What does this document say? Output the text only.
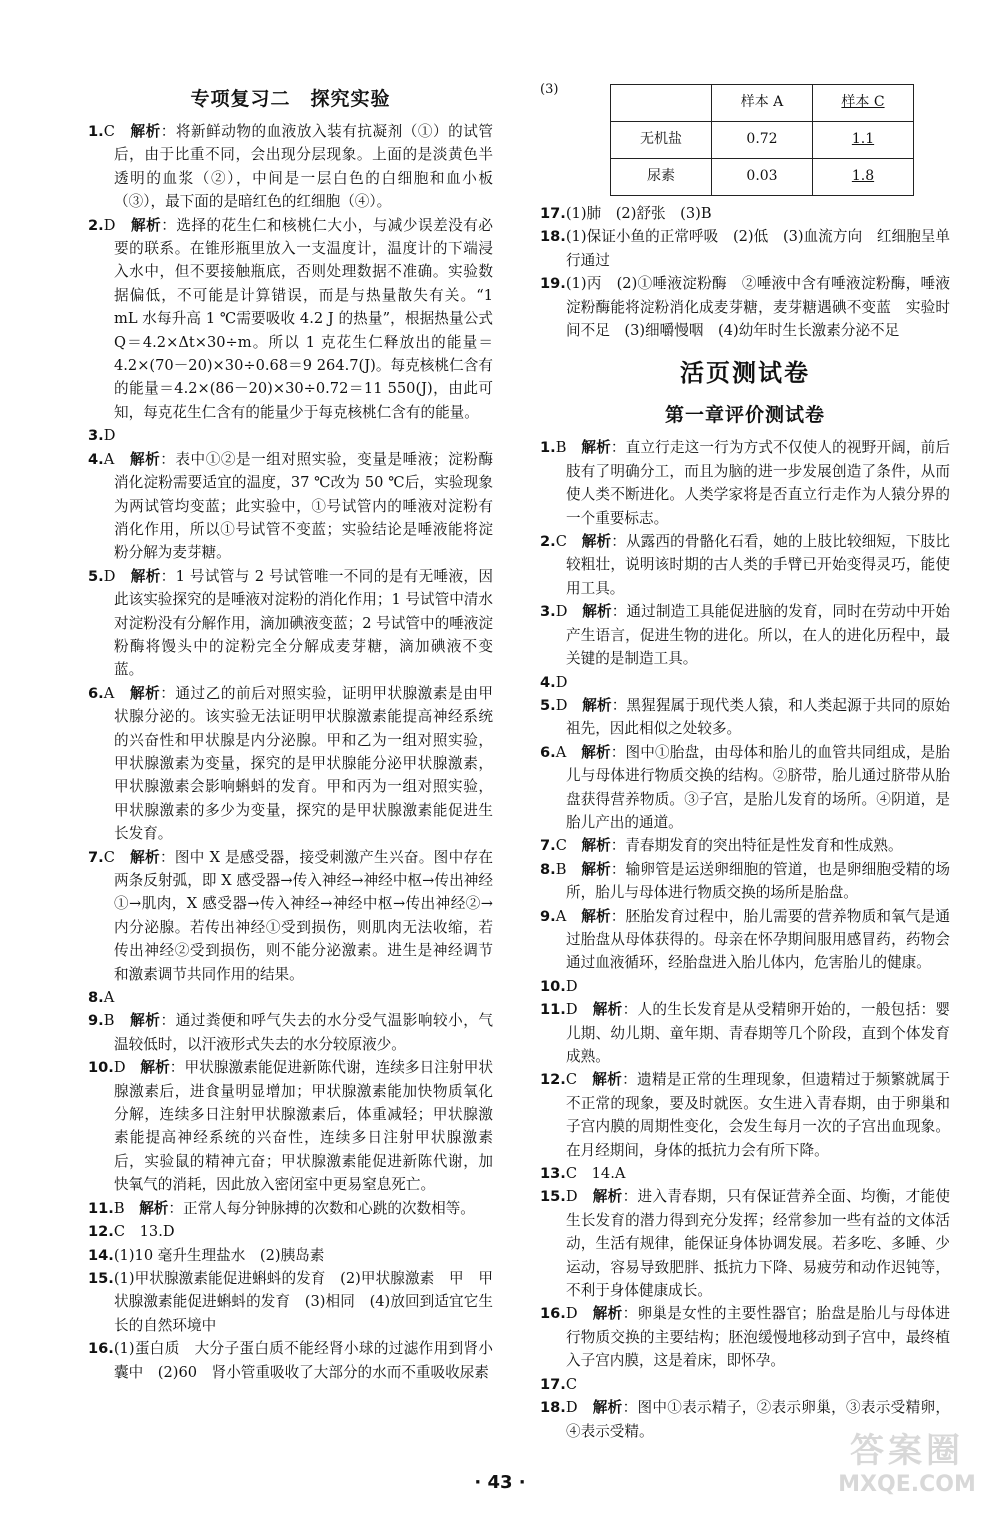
专项复习二　探究实验

1.C　 解析：将新鲜动物的血液放入装有抗凝剂（①）的试管后，由于比重不同，会出现分层现象。上面的是淡黄色半透明的血浆（②），中间是一层白色的白细胞和血小板（③），最下面的是暗红色的红细胞（④）。

2.D　 解析：选择的花生仁和核桃仁大小，与减少误差没有必要的联系。在锥形瓶里放入一支温度计，温度计的下端浸入水中，但不要接触瓶底，否则处理数据不准确。实验数据偏低，不可能是计算错误，而是与热量散失有关。“1 mL 水每升高 1 ℃需要吸收 4.2 J 的热量”，根据热量公式 Q＝4.2×Δt×30÷m。所以 1 克花生仁释放出的能量＝4.2×(70－20)×30÷0.68＝9 264.7(J)。每克核桃仁含有的能量＝4.2×(86－20)×30÷0.72＝11 550(J)，由此可知，每克花生仁含有的能量少于每克核桃仁含有的能量。

3.D

4.A　 解析：表中①②是一组对照实验，变量是唾液；淀粉酶消化淀粉需要适宜的温度，37 ℃改为 50 ℃后，实验现象为两试管均变蓝；此实验中，①号试管内的唾液对淀粉有消化作用，所以①号试管不变蓝；实验结论是唾液能将淀粉分解为麦芽糖。

5.D　 解析：1 号试管与 2 号试管唯一不同的是有无唾液，因此该实验探究的是唾液对淀粉的消化作用；1 号试管中清水对淀粉没有分解作用，滴加碘液变蓝；2 号试管中的唾液淀粉酶将馒头中的淀粉完全分解成麦芽糖，滴加碘液不变蓝。

6.A　 解析：通过乙的前后对照实验，证明甲状腺激素是由甲状腺分泌的。该实验无法证明甲状腺激素能提高神经系统的兴奋性和甲状腺是内分泌腺。甲和乙为一组对照实验，甲状腺激素为变量，探究的是甲状腺能分泌甲状腺激素，甲状腺激素会影响蝌蚪的发育。甲和丙为一组对照实验，甲状腺激素的多少为变量，探究的是甲状腺激素能促进生长发育。

7.C　 解析：图中 X 是感受器，接受刺激产生兴奋。图中存在两条反射弧，即 X 感受器→传入神经→神经中枢→传出神经①→肌肉，X 感受器→传入神经→神经中枢→传出神经②→内分泌腺。若传出神经①受到损伤，则肌肉无法收缩，若传出神经②受到损伤，则不能分泌激素。进生是神经调节和激素调节共同作用的结果。

8.A

9.B　 解析：通过粪便和呼气失去的水分受气温影响较小，气温较低时，以汗液形式失去的水分较原液少。

10.D　 解析：甲状腺激素能促进新陈代谢，连续多日注射甲状腺激素后，进食量明显增加；甲状腺激素能加快物质氧化分解，连续多日注射甲状腺激素后，体重减轻；甲状腺激素能提高神经系统的兴奋性，连续多日注射甲状腺激素后，实验鼠的精神亢奋；甲状腺激素能促进新陈代谢，加快氧气的消耗，因此放入密闭室中更易窒息死亡。

11.B　 解析：正常人每分钟脉搏的次数和心跳的次数相等。

12.C　13.D

14.(1)10 毫升生理盐水　(2)胰岛素

15.(1)甲状腺激素能促进蝌蚪的发育　(2)甲状腺激素　甲　甲状腺激素能促进蝌蚪的发育　(3)相同　(4)放回到适宜它生长的自然环境中

16.(1)蛋白质　大分子蛋白质不能经肾小球的过滤作用到肾小囊中　(2)60　肾小管重吸收了大部分的水而不重吸收尿素

(3)
	样本 A	样本 C
无机盐	0.72	1.1
尿素	0.03	1.8

17.(1)肺　(2)舒张　(3)B

18.(1)保证小鱼的正常呼吸　(2)低　(3)血流方向　红细胞呈单行通过

19.(1)丙　(2)①唾液淀粉酶　②唾液中含有唾液淀粉酶，唾液淀粉酶能将淀粉消化成麦芽糖，麦芽糖遇碘不变蓝　实验时间不足　(3)细嚼慢咽　(4)幼年时生长激素分泌不足

活页测试卷
第一章评价测试卷

1.B　 解析：直立行走这一行为方式不仅使人的视野开阔，前后肢有了明确分工，而且为脑的进一步发展创造了条件，从而使人类不断进化。人类学家将是否直立行走作为人猿分界的一个重要标志。

2.C　 解析：从露西的骨骼化石看，她的上肢比较细短，下肢比较粗壮，说明该时期的古人类的手臂已开始变得灵巧，能使用工具。

3.D　 解析：通过制造工具能促进脑的发育，同时在劳动中开始产生语言，促进生物的进化。所以，在人的进化历程中，最关键的是制造工具。

4.D

5.D　 解析：黑猩猩属于现代类人猿，和人类起源于共同的原始祖先，因此相似之处较多。

6.A　 解析：图中①胎盘，由母体和胎儿的血管共同组成，是胎儿与母体进行物质交换的结构。②脐带，胎儿通过脐带从胎盘获得营养物质。③子宫，是胎儿发育的场所。④阴道，是胎儿产出的通道。

7.C　 解析：青春期发育的突出特征是性发育和性成熟。

8.B　 解析：输卵管是运送卵细胞的管道，也是卵细胞受精的场所，胎儿与母体进行物质交换的场所是胎盘。

9.A　 解析：胚胎发育过程中，胎儿需要的营养物质和氧气是通过胎盘从母体获得的。母亲在怀孕期间服用感冒药，药物会通过血液循环，经胎盘进入胎儿体内，危害胎儿的健康。

10.D

11.D　 解析：人的生长发育是从受精卵开始的，一般包括：婴儿期、幼儿期、童年期、青春期等几个阶段，直到个体发育成熟。

12.C　 解析：遗精是正常的生理现象，但遗精过于频繁就属于不正常的现象，要及时就医。女生进入青春期，由于卵巢和子宫内膜的周期性变化，会发生每月一次的子宫出血现象。在月经期间，身体的抵抗力会有所下降。

13.C　14.A

15.D　 解析：进入青春期，只有保证营养全面、均衡，才能使生长发育的潜力得到充分发挥；经常参加一些有益的文体活动，生活有规律，能保证身体协调发展。若多吃、多睡、少运动，容易导致肥胖、抵抗力下降、易疲劳和动作迟钝等，不利于身体健康成长。

16.D　 解析：卵巢是女性的主要性器官；胎盘是胎儿与母体进行物质交换的主要结构；胚泡缓慢地移动到子宫中，最终植入子宫内膜，这是着床，即怀孕。

17.C

18.D　 解析：图中①表示精子，②表示卵巢，③表示受精卵，④表示受精。

· 43 ·
答案圈
MXQE.COM
